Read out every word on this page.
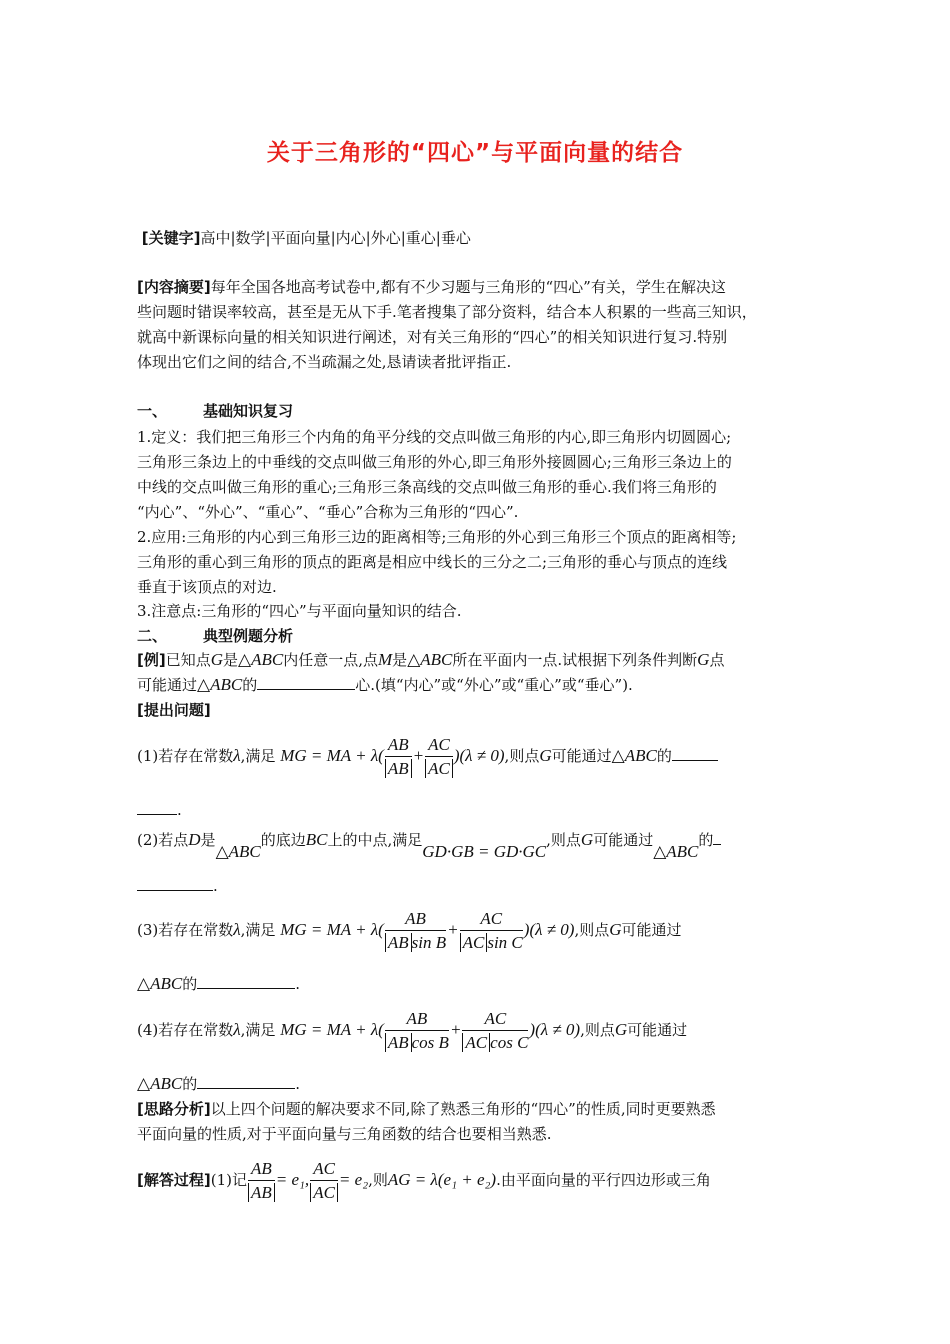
关于三角形的“四心”与平面向量的结合
[关键字]高中|数学|平面向量|内心|外心|重心|垂心
[内容摘要]每年全国各地高考试卷中,都有不少习题与三角形的“四心”有关，学生在解决这
些问题时错误率较高，甚至是无从下手.笔者搜集了部分资料，结合本人积累的一些高三知识，
就高中新课标向量的相关知识进行阐述，对有关三角形的“四心”的相关知识进行复习.特别
体现出它们之间的结合,不当疏漏之处,恳请读者批评指正.
一、 基础知识复习
1.定义：我们把三角形三个内角的角平分线的交点叫做三角形的内心,即三角形内切圆圆心;
三角形三条边上的中垂线的交点叫做三角形的外心,即三角形外接圆圆心;三角形三条边上的
中线的交点叫做三角形的重心;三角形三条高线的交点叫做三角形的垂心.我们将三角形的
“内心”、“外心”、“重心”、“垂心”合称为三角形的“四心”.
2.应用:三角形的内心到三角形三边的距离相等;三角形的外心到三角形三个顶点的距离相等;
三角形的重心到三角形的顶点的距离是相应中线长的三分之二;三角形的垂心与顶点的连线
垂直于该顶点的对边.
3.注意点:三角形的“四心”与平面向量知识的结合.
二、 典型例题分析
[例]已知点G是△ABC内任意一点,点M是△ABC所在平面内一点.试根据下列条件判断G点
可能通过△ABC的	心.(填“内心”或“外心”或“重心”或“垂心”).
[提出问题]
(1)若存在常数λ,满足 MG = MA + $\lambda( \frac{AB}{AB} + \frac{AC}{AC} )(\lambda \ne 0)$,则点G可能通过△ABC的
.
(2)若点D是△ABC的底边BC上的中点,满足GD·GB = GD·GC,则点G可能通过△ABC的
.
(3)若存在常数λ,满足 MG = MA + $\lambda( \frac{AB}{\text{AB sin B}} + \frac{AC}{\text{AC sin C}} )(\lambda \ne 0)$,则点G可能通过
△ABC的	.
(4)若存在常数λ,满足 MG = MA + $\lambda( \frac{AB}{\text{AB cos B}} + \frac{AC}{\text{AC cos C}} )(\lambda \ne 0)$,则点G可能通过
△ABC的	.
[思路分析]以上四个问题的解决要求不同,除了熟悉三角形的“四心”的性质,同时更要熟悉
平面向量的性质,对于平面向量与三角函数的结合也要相当熟悉.
[解答过程](1)记 $\frac{AB}{AB} = e_1$, $\frac{AC}{AC} = e_2$,则AG = λ(e₁ + e₂).由平面向量的平行四边形或三角
